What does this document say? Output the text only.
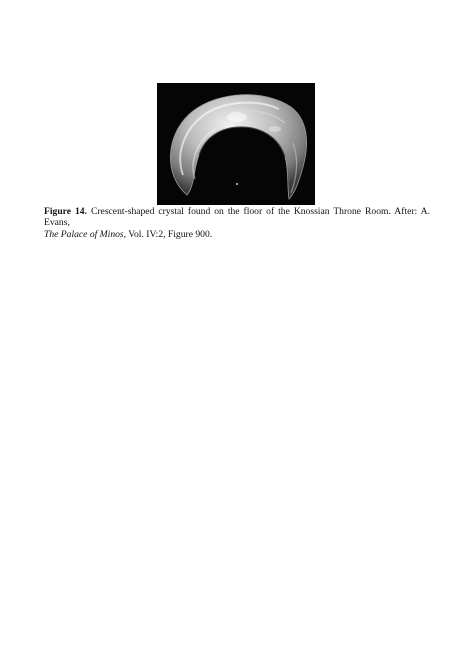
Figure 14. Crescent-shaped crystal found on the floor of the Knossian Throne Room. After: A. Evans,
The Palace of Minos, Vol. IV:2, Figure 900.
